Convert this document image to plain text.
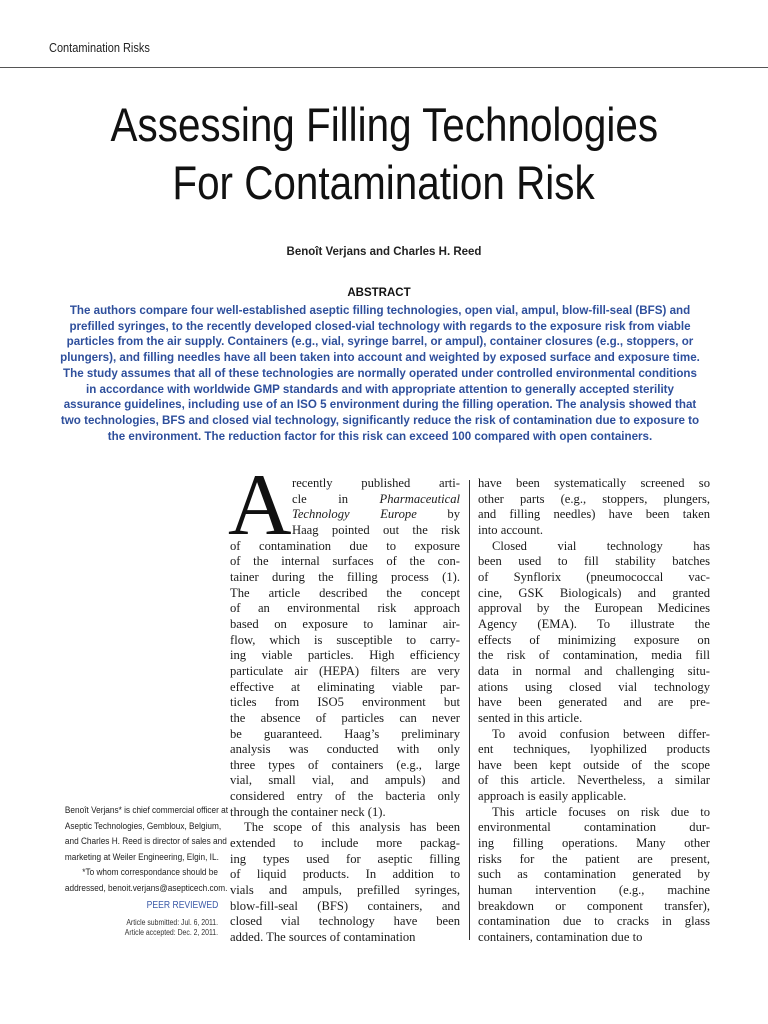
Contamination Risks
Assessing Filling Technologies
For Contamination Risk
Benoît Verjans and Charles H. Reed
ABSTRACT
The authors compare four well-established aseptic filling technologies, open vial, ampul, blow-fill-seal (BFS) and
prefilled syringes, to the recently developed closed-vial technology with regards to the exposure risk from viable
particles from the air supply. Containers (e.g., vial, syringe barrel, or ampul), container closures (e.g., stoppers, or
plungers), and filling needles have all been taken into account and weighted by exposed surface and exposure time.
The study assumes that all of these technologies are normally operated under controlled environmental conditions
in accordance with worldwide GMP standards and with appropriate attention to generally accepted sterility
assurance guidelines, including use of an ISO 5 environment during the filling operation. The analysis showed that
two technologies, BFS and closed vial technology, significantly reduce the risk of contamination due to exposure to
the environment. The reduction factor for this risk can exceed 100 compared with open containers.
A recently published arti-
cle in Pharmaceutical
Technology Europe by
Haag pointed out the risk
of contamination due to exposure
of the internal surfaces of the con-
tainer during the filling process (1).
The article described the concept
of an environmental risk approach
based on exposure to laminar air-
flow, which is susceptible to carry-
ing viable particles. High efficiency
particulate air (HEPA) filters are very
effective at eliminating viable par-
ticles from ISO5 environment but
the absence of particles can never
be guaranteed. Haag’s preliminary
analysis was conducted with only
three types of containers (e.g., large
vial, small vial, and ampuls) and
considered entry of the bacteria only
through the container neck (1).
The scope of this analysis has been
extended to include more packag-
ing types used for aseptic filling
of liquid products. In addition to
vials and ampuls, prefilled syringes,
blow-fill-seal (BFS) containers, and
closed vial technology have been
added. The sources of contamination
have been systematically screened so
other parts (e.g., stoppers, plungers,
and filling needles) have been taken
into account.
Closed vial technology has
been used to fill stability batches
of Synflorix (pneumococcal vac-
cine, GSK Biologicals) and granted
approval by the European Medicines
Agency (EMA). To illustrate the
effects of minimizing exposure on
the risk of contamination, media fill
data in normal and challenging situ-
ations using closed vial technology
have been generated and are pre-
sented in this article.
To avoid confusion between differ-
ent techniques, lyophilized products
have been kept outside of the scope
of this article. Nevertheless, a similar
approach is easily applicable.
This article focuses on risk due to
environmental contamination dur-
ing filling operations. Many other
risks for the patient are present,
such as contamination generated by
human intervention (e.g., machine
breakdown or component transfer),
contamination due to cracks in glass
containers, contamination due to
Benoît Verjans* is chief commercial officer at
Aseptic Technologies, Gembloux, Belgium,
and Charles H. Reed is director of sales and
marketing at Weiler Engineering, Elgin, IL.
*To whom correspondance should be
addressed, benoit.verjans@asepticech.com.
PEER REVIEWED
Article submitted: Jul. 6, 2011.
Article accepted: Dec. 2, 2011.
